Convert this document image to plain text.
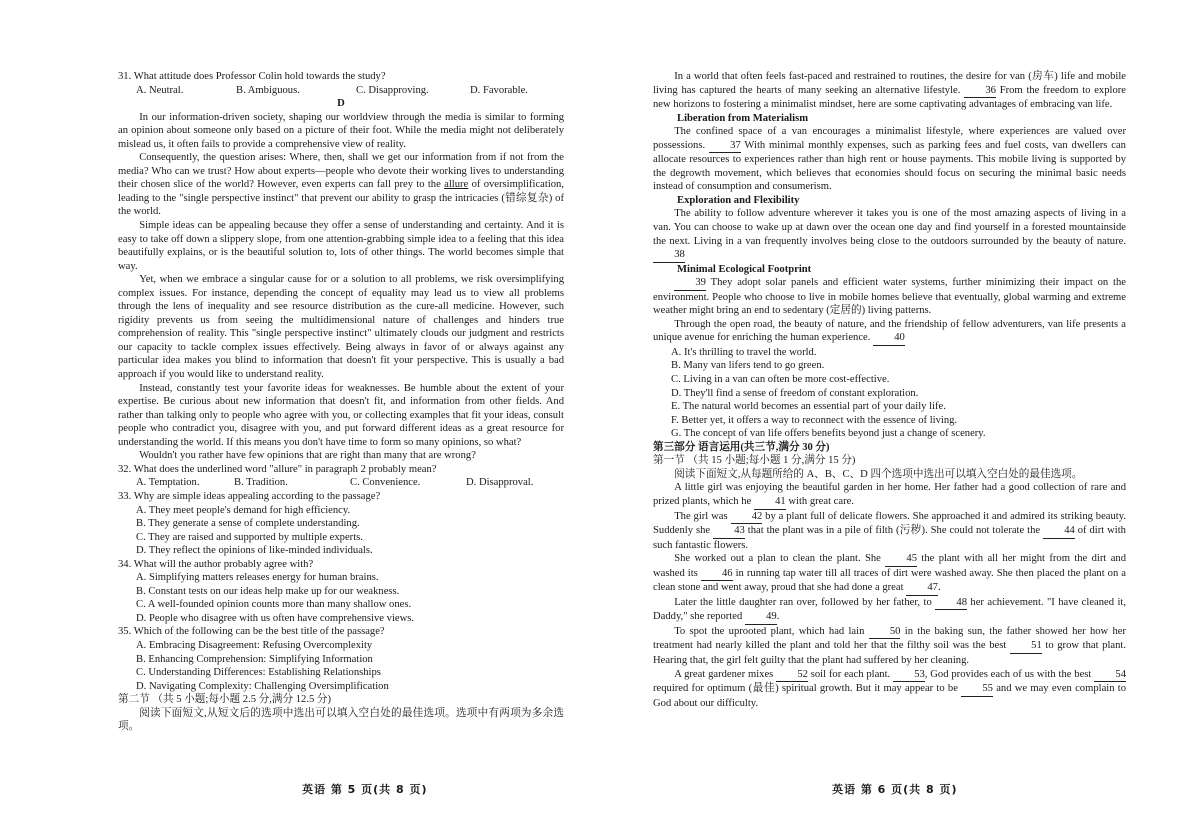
31. What attitude does Professor Colin hold towards the study?

A. Neutral.	B. Ambiguous.	C. Disapproving.	D. Favorable.

D

In our information-driven society, shaping our worldview through the media is similar to forming an opinion about someone only based on a picture of their foot. While the media might not deliberately mislead us, it often fails to provide a comprehensive view of reality.

Consequently, the question arises: Where, then, shall we get our information from if not from the media? Who can we trust? How about experts—people who devote their working lives to understanding their chosen slice of the world? However, even experts can fall prey to the allure of oversimplification, leading to the "single perspective instinct" that prevent our ability to grasp the intricacies (错综复杂) of the world.

Simple ideas can be appealing because they offer a sense of understanding and certainty. And it is easy to take off down a slippery slope, from one attention-grabbing simple idea to a feeling that this idea beautifully explains, or is the beautiful solution to, lots of other things. The world becomes simple that way.

Yet, when we embrace a singular cause for or a solution to all problems, we risk oversimplifying complex issues. For instance, depending the concept of equality may lead us to view all problems through the lens of inequality and see resource distribution as the cure-all medicine. However, such rigidity prevents us from seeing the multidimensional nature of challenges and hinders true comprehension of reality. This "single perspective instinct" ultimately clouds our judgment and restricts our capacity to tackle complex issues effectively. Being always in favor of or always against any particular idea makes you blind to information that doesn't fit your perspective. This is usually a bad approach if you would like to understand reality.

Instead, constantly test your favorite ideas for weaknesses. Be humble about the extent of your expertise. Be curious about new information that doesn't fit, and information from other fields. And rather than talking only to people who agree with you, or collecting examples that fit your ideas, consult people who contradict you, disagree with you, and put forward different ideas as a great resource for understanding the world. If this means you don't have time to form so many opinions, so what?

Wouldn't you rather have few opinions that are right than many that are wrong?

32. What does the underlined word "allure" in paragraph 2 probably mean?

A. Temptation.	B. Tradition.	C. Convenience.	D. Disapproval.

33. Why are simple ideas appealing according to the passage?

A. They meet people's demand for high efficiency.

B. They generate a sense of complete understanding.

C. They are raised and supported by multiple experts.

D. They reflect the opinions of like-minded individuals.

34. What will the author probably agree with?

A. Simplifying matters releases energy for human brains.

B. Constant tests on our ideas help make up for our weakness.

C. A well-founded opinion counts more than many shallow ones.

D. People who disagree with us often have comprehensive views.

35. Which of the following can be the best title of the passage?

A. Embracing Disagreement: Refusing Overcomplexity

B. Enhancing Comprehension: Simplifying Information

C. Understanding Differences: Establishing Relationships

D. Navigating Complexity: Challenging Oversimplification

第二节 （共 5 小题;每小题 2.5 分,满分 12.5 分)

阅读下面短文,从短文后的选项中选出可以填入空白处的最佳选项。选项中有两项为多余选项。

In a world that often feels fast-paced and restrained to routines, the desire for van (房车) life and mobile living has captured the hearts of many seeking an alternative lifestyle. 36 From the freedom to explore new horizons to fostering a minimalist mindset, here are some captivating advantages of embracing van life.

Liberation from Materialism

The confined space of a van encourages a minimalist lifestyle, where experiences are valued over possessions. 37 With minimal monthly expenses, such as parking fees and fuel costs, van dwellers can allocate resources to experiences rather than high rent or house payments. This mobile living is supported by the degrowth movement, which believes that economies should focus on securing the minimal basic needs instead of consumption and consumerism.

Exploration and Flexibility

The ability to follow adventure wherever it takes you is one of the most amazing aspects of living in a van. You can choose to wake up at dawn over the ocean one day and find yourself in a forested mountainside the next. Living in a van frequently involves being close to the outdoors surrounded by the beauty of nature. 38

Minimal Ecological Footprint

39 They adopt solar panels and efficient water systems, further minimizing their impact on the environment. People who choose to live in mobile homes believe that eventually, global warming and extreme weather might bring an end to sedentary (定居的) living patterns.

Through the open road, the beauty of nature, and the friendship of fellow adventurers, van life presents a unique avenue for enriching the human experience. 40

A. It's thrilling to travel the world.

B. Many van lifers tend to go green.

C. Living in a van can often be more cost-effective.

D. They'll find a sense of freedom of constant exploration.

E. The natural world becomes an essential part of your daily life.

F. Better yet, it offers a way to reconnect with the essence of living.

G. The concept of van life offers benefits beyond just a change of scenery.

第三部分 语言运用(共三节,满分 30 分)

第一节 （共 15 小题;每小题 1 分,满分 15 分)

阅读下面短文,从每题所给的 A、B、C、D 四个选项中选出可以填入空白处的最佳选项。

A little girl was enjoying the beautiful garden in her home. Her father had a good collection of rare and prized plants, which he 41 with great care.

The girl was 42 by a plant full of delicate flowers. She approached it and admired its striking beauty. Suddenly she 43 that the plant was in a pile of filth (污秽). She could not tolerate the 44 of dirt with such fantastic flowers.

She worked out a plan to clean the plant. She 45 the plant with all her might from the dirt and washed its 46 in running tap water till all traces of dirt were washed away. She then placed the plant on a clean stone and went away, proud that she had done a great 47.

Later the little daughter ran over, followed by her father, to 48 her achievement. "I have cleaned it, Daddy," she reported 49.

To spot the uprooted plant, which had lain 50 in the baking sun, the father showed her how her treatment had nearly killed the plant and told her that the filthy soil was the best 51 to grow that plant. Hearing that, the girl felt guilty that the plant had suffered by her cleaning.

A great gardener mixes 52 soil for each plant. 53, God provides each of us with the best 54 required for optimum (最佳) spiritual growth. But it may appear to be 55 and we may even complain to God about our difficulty.

英语 第 5 页(共 8 页)	英语 第 6 页(共 8 页)
